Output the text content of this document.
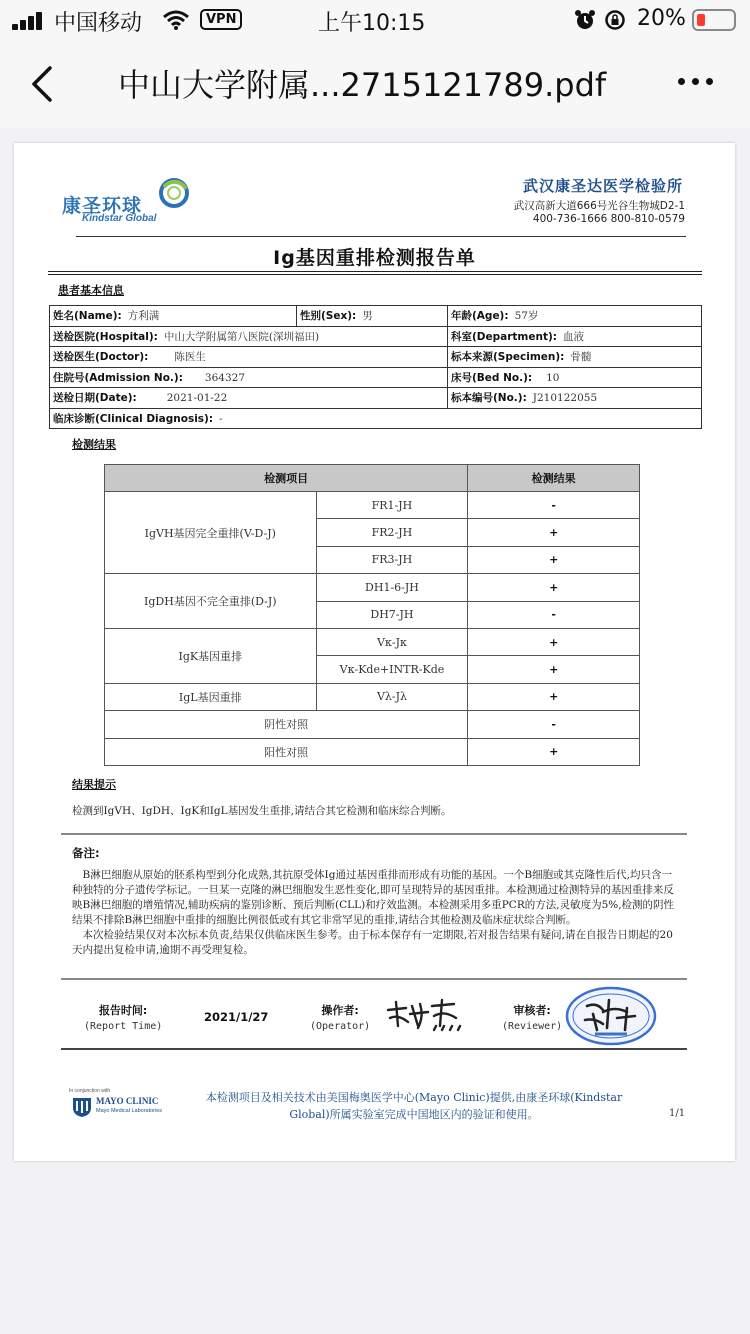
中国移动	VPN	上午10:15	20%
中山大学附属...2715121789.pdf
康圣环球
Kindstar Global
武汉康圣达医学检验所
武汉高新大道666号光谷生物城D2-1
400-736-1666 800-810-0579
Ig基因重排检测报告单
患者基本信息
姓名(Name): 方利满	性别(Sex): 男	年龄(Age): 57岁
送检医院(Hospital): 中山大学附属第八医院(深圳福田)		科室(Department): 血液
送检医生(Doctor): 陈医生		标本来源(Specimen): 骨髓
住院号(Admission No.): 364327		床号(Bed No.): 10
送检日期(Date): 2021-01-22		标本编号(No.): J210122055
临床诊断(Clinical Diagnosis): -		
检测结果
检测项目		检测结果
IgVH基因完全重排(V-D-J)	FR1-JH	-
	FR2-JH	+
	FR3-JH	+
IgDH基因不完全重排(D-J)	DH1-6-JH	+
	DH7-JH	-
IgK基因重排	Vκ-Jκ	+
	Vκ-Kde+INTR-Kde	+
IgL基因重排	Vλ-Jλ	+
阴性对照		-
阳性对照		+
结果提示
检测到IgVH、IgDH、IgK和IgL基因发生重排,请结合其它检测和临床综合判断。
备注:

B淋巴细胞从原始的胚系构型到分化成熟,其抗原受体Ig通过基因重排而形成有功能的基因。一个B细胞或其克隆性后代,均只含一种独特的分子遗传学标记。一旦某一克隆的淋巴细胞发生恶性变化,即可呈现特异的基因重排。本检测通过检测特异的基因重排来反映B淋巴细胞的增殖情况,辅助疾病的鉴别诊断、预后判断(CLL)和疗效监测。本检测采用多重PCR的方法,灵敏度为5%,检测的阴性结果不排除B淋巴细胞中重排的细胞比例很低或有其它非常罕见的重排,请结合其他检测及临床症状综合判断。

本次检验结果仅对本次标本负责,结果仅供临床医生参考。由于标本保存有一定期限,若对报告结果有疑问,请在自报告日期起的20天内提出复检申请,逾期不再受理复检。

报告时间:
(Report Time)
2021/1/27	操作者:
(Operator)
审核者:
(Reviewer)
In conjunction with
MAYO CLINIC
Mayo Medical Laboratories
本检测项目及相关技术由美国梅奥医学中心(Mayo Clinic)提供,由康圣环球(Kindstar Global)所属实验室完成中国地区内的验证和使用。	1/1
